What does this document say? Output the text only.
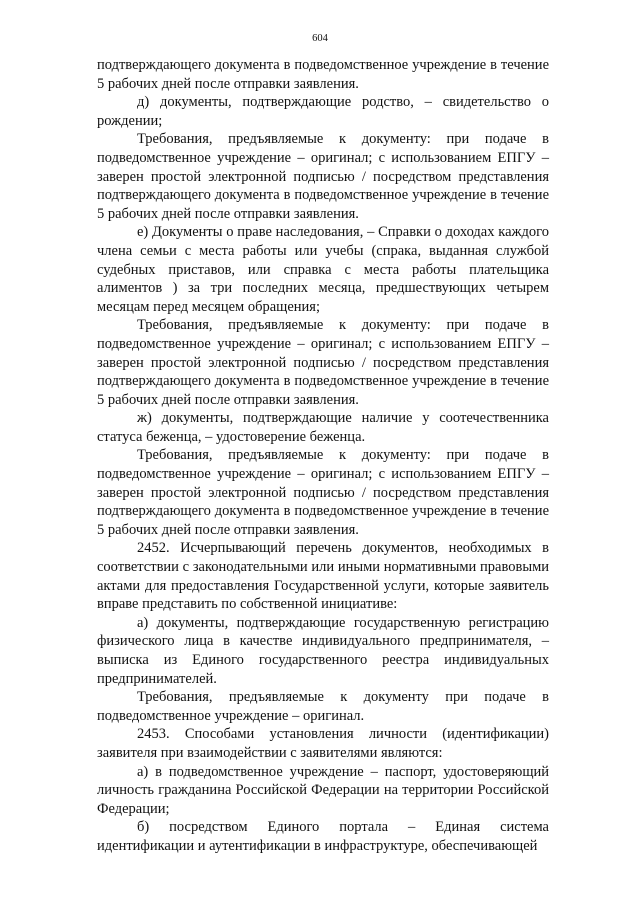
604

подтверждающего документа в подведомственное учреждение в течение 5 рабочих дней после отправки заявления.

д) документы, подтверждающие родство, – свидетельство о рождении;

Требования, предъявляемые к документу: при подаче в подведомственное учреждение – оригинал; с использованием ЕПГУ – заверен простой электронной подписью / посредством представления подтверждающего документа в подведомственное учреждение в течение 5 рабочих дней после отправки заявления.

е) Документы о праве наследования, – Справки о доходах каждого члена семьи с места работы или учебы (спрака, выданная службой судебных приставов, или справка с места работы плательщика алиментов ) за три последних месяца, предшествующих четырем месяцам перед месяцем обращения;

Требования, предъявляемые к документу: при подаче в подведомственное учреждение – оригинал; с использованием ЕПГУ – заверен простой электронной подписью / посредством представления подтверждающего документа в подведомственное учреждение в течение 5 рабочих дней после отправки заявления.

ж) документы, подтверждающие наличие у соотечественника статуса беженца, – удостоверение беженца.

Требования, предъявляемые к документу: при подаче в подведомственное учреждение – оригинал; с использованием ЕПГУ – заверен простой электронной подписью / посредством представления подтверждающего документа в подведомственное учреждение в течение 5 рабочих дней после отправки заявления.

2452. Исчерпывающий перечень документов, необходимых в соответствии с законодательными или иными нормативными правовыми актами для предоставления Государственной услуги, которые заявитель вправе представить по собственной инициативе:

а) документы, подтверждающие государственную регистрацию физического лица в качестве индивидуального предпринимателя, – выписка из Единого государственного реестра индивидуальных предпринимателей.

Требования, предъявляемые к документу при подаче в подведомственное учреждение – оригинал.

2453. Способами установления личности (идентификации) заявителя при взаимодействии с заявителями являются:

а) в подведомственное учреждение – паспорт, удостоверяющий личность гражданина Российской Федерации на территории Российской Федерации;

б) посредством Единого портала – Единая система идентификации и аутентификации в инфраструктуре, обеспечивающей
